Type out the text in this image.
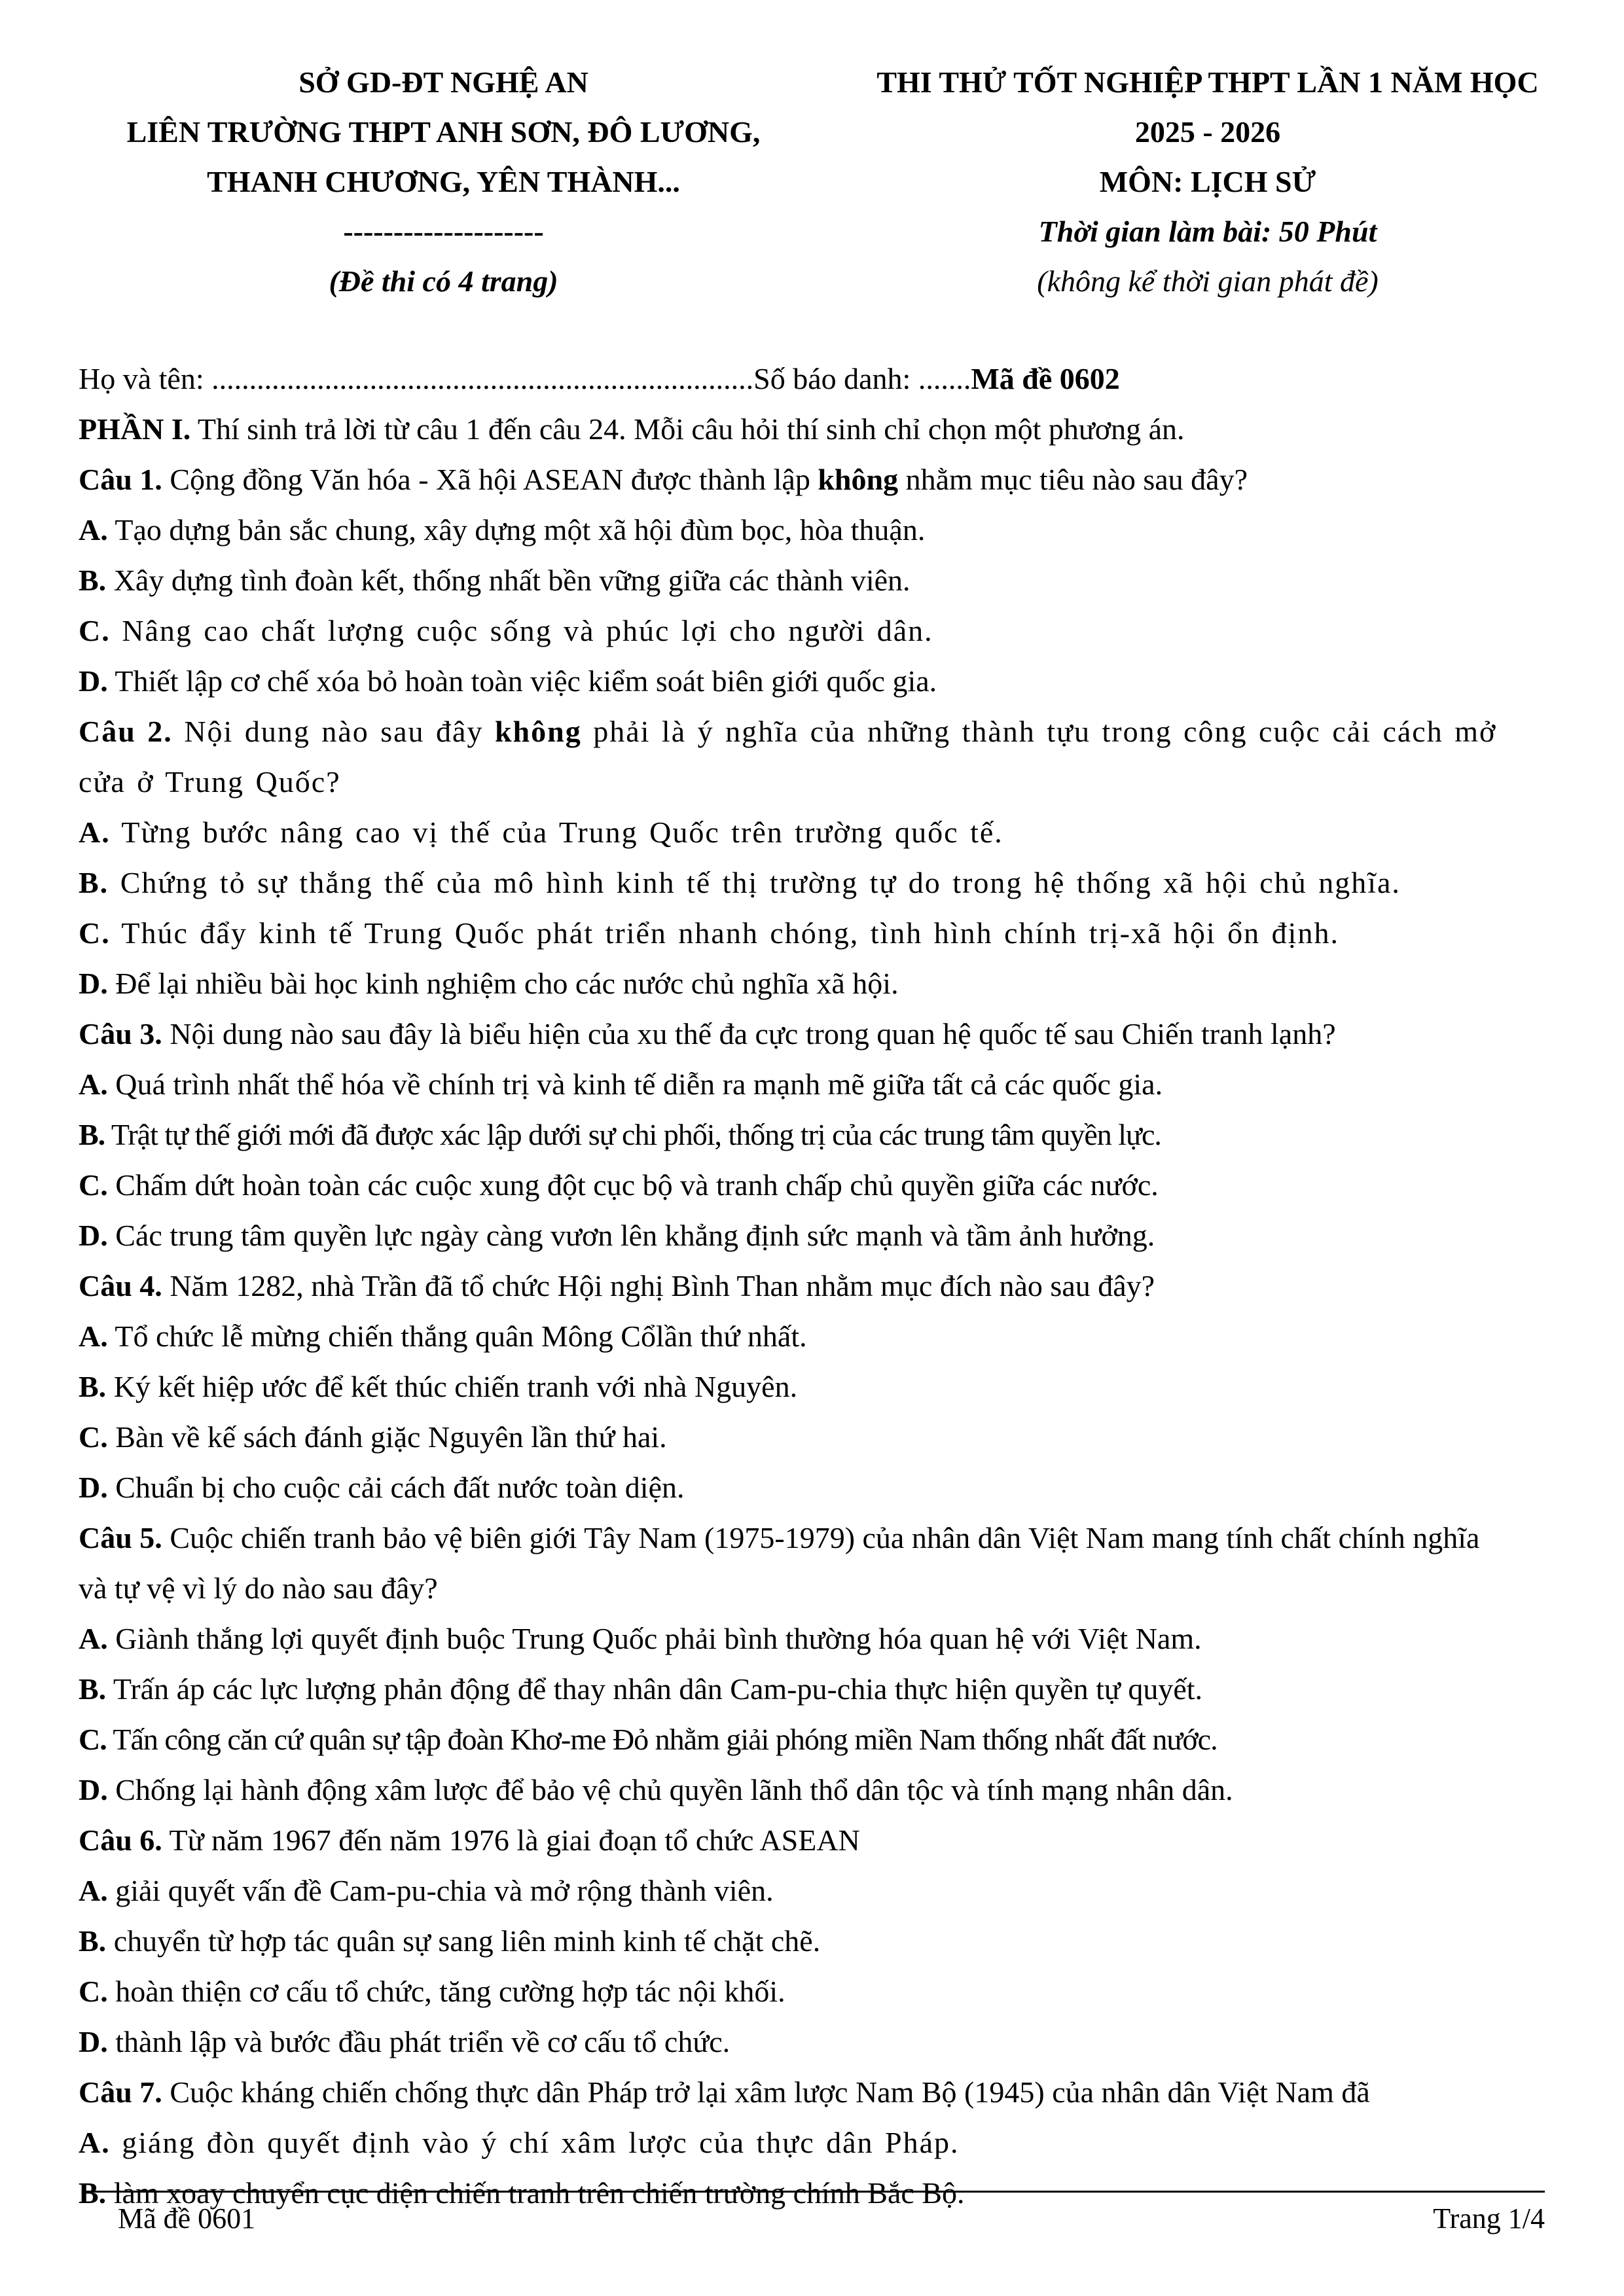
SỞ GD-ĐT NGHỆ AN
LIÊN TRƯỜNG THPT ANH SƠN, ĐÔ LƯƠNG,
THANH CHƯƠNG, YÊN THÀNH...
--------------------
(Đề thi có 4 trang)
THI THỬ TỐT NGHIỆP THPT LẦN 1 NĂM HỌC
2025 - 2026
MÔN: LỊCH SỬ
Thời gian làm bài: 50 Phút
(không kể thời gian phát đề)
Họ và tên: ........................................................................Số báo danh: .......Mã đề 0602
PHẦN I. Thí sinh trả lời từ câu 1 đến câu 24. Mỗi câu hỏi thí sinh chỉ chọn một phương án.
Câu 1. Cộng đồng Văn hóa - Xã hội ASEAN được thành lập không nhằm mục tiêu nào sau đây?
A. Tạo dựng bản sắc chung, xây dựng một xã hội đùm bọc, hòa thuận.
B. Xây dựng tình đoàn kết, thống nhất bền vững giữa các thành viên.
C. Nâng cao chất lượng cuộc sống và phúc lợi cho người dân.
D. Thiết lập cơ chế xóa bỏ hoàn toàn việc kiểm soát biên giới quốc gia.
Câu 2. Nội dung nào sau đây không phải là ý nghĩa của những thành tựu trong công cuộc cải cách mở
cửa ở Trung Quốc?
A. Từng bước nâng cao vị thế của Trung Quốc trên trường quốc tế.
B. Chứng tỏ sự thắng thế của mô hình kinh tế thị trường tự do trong hệ thống xã hội chủ nghĩa.
C. Thúc đẩy kinh tế Trung Quốc phát triển nhanh chóng, tình hình chính trị-xã hội ổn định.
D. Để lại nhiều bài học kinh nghiệm cho các nước chủ nghĩa xã hội.
Câu 3. Nội dung nào sau đây là biểu hiện của xu thế đa cực trong quan hệ quốc tế sau Chiến tranh lạnh?
A. Quá trình nhất thể hóa về chính trị và kinh tế diễn ra mạnh mẽ giữa tất cả các quốc gia.
B. Trật tự thế giới mới đã được xác lập dưới sự chi phối, thống trị của các trung tâm quyền lực.
C. Chấm dứt hoàn toàn các cuộc xung đột cục bộ và tranh chấp chủ quyền giữa các nước.
D. Các trung tâm quyền lực ngày càng vươn lên khẳng định sức mạnh và tầm ảnh hưởng.
Câu 4. Năm 1282, nhà Trần đã tổ chức Hội nghị Bình Than nhằm mục đích nào sau đây?
A. Tổ chức lễ mừng chiến thắng quân Mông Cổlần thứ nhất.
B. Ký kết hiệp ước để kết thúc chiến tranh với nhà Nguyên.
C. Bàn về kế sách đánh giặc Nguyên lần thứ hai.
D. Chuẩn bị cho cuộc cải cách đất nước toàn diện.
Câu 5. Cuộc chiến tranh bảo vệ biên giới Tây Nam (1975-1979) của nhân dân Việt Nam mang tính chất chính nghĩa
và tự vệ vì lý do nào sau đây?
A. Giành thắng lợi quyết định buộc Trung Quốc phải bình thường hóa quan hệ với Việt Nam.
B. Trấn áp các lực lượng phản động để thay nhân dân Cam-pu-chia thực hiện quyền tự quyết.
C. Tấn công căn cứ quân sự tập đoàn Khơ-me Đỏ nhằm giải phóng miền Nam thống nhất đất nước.
D. Chống lại hành động xâm lược để bảo vệ chủ quyền lãnh thổ dân tộc và tính mạng nhân dân.
Câu 6. Từ năm 1967 đến năm 1976 là giai đoạn tổ chức ASEAN
A. giải quyết vấn đề Cam-pu-chia và mở rộng thành viên.
B. chuyển từ hợp tác quân sự sang liên minh kinh tế chặt chẽ.
C. hoàn thiện cơ cấu tổ chức, tăng cường hợp tác nội khối.
D. thành lập và bước đầu phát triển về cơ cấu tổ chức.
Câu 7. Cuộc kháng chiến chống thực dân Pháp trở lại xâm lược Nam Bộ (1945) của nhân dân Việt Nam đã
A. giáng đòn quyết định vào ý chí xâm lược của thực dân Pháp.
B. làm xoay chuyển cục diện chiến tranh trên chiến trường chính Bắc Bộ.
Mã đề 0601	Trang 1/4
